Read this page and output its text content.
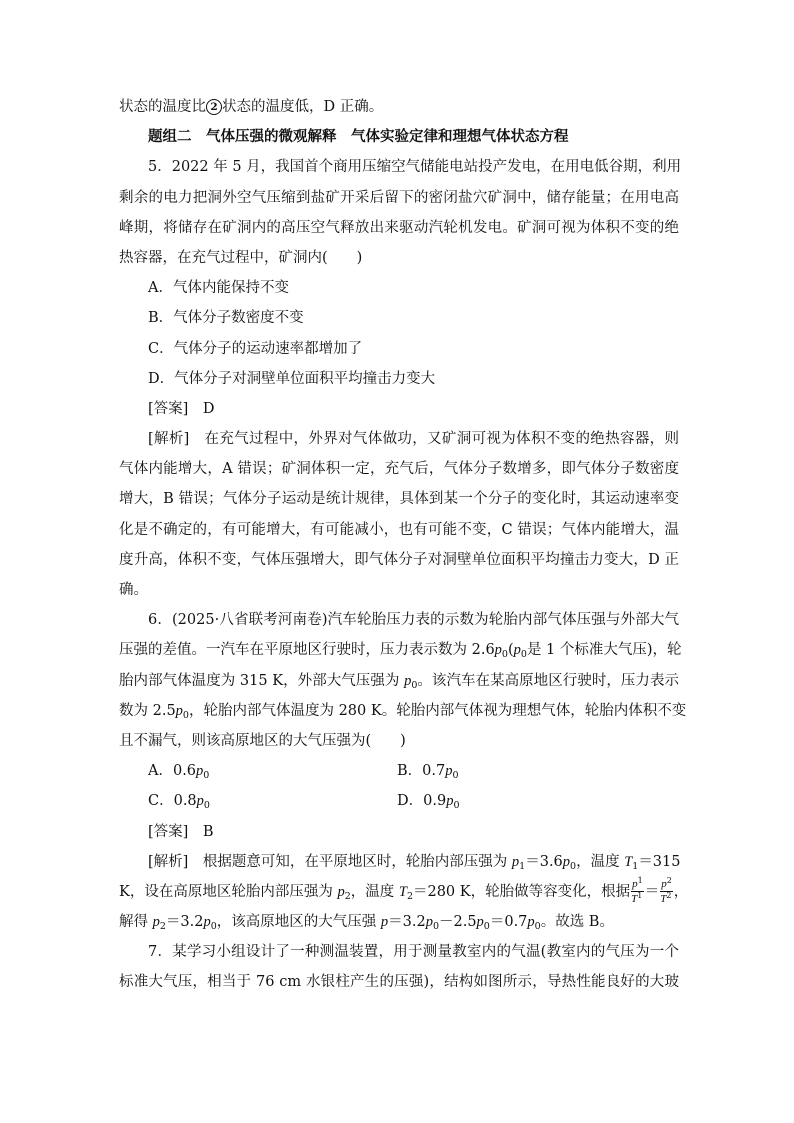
状态的温度比 2 状态的温度低，D 正确。
题组二　气体压强的微观解释　气体实验定律和理想气体状态方程
5．2022 年 5 月，我国首个商用压缩空气储能电站投产发电，在用电低谷期，利用
剩余的电力把洞外空气压缩到盐矿开采后留下的密闭盐穴矿洞中，储存能量；在用电高
峰期，将储存在矿洞内的高压空气释放出来驱动汽轮机发电。矿洞可视为体积不变的绝
热容器，在充气过程中，矿洞内(　　)
A．气体内能保持不变
B．气体分子数密度不变
C．气体分子的运动速率都增加了
D．气体分子对洞壁单位面积平均撞击力变大
[答案]　D
[解析]　在充气过程中，外界对气体做功，又矿洞可视为体积不变的绝热容器，则
气体内能增大，A 错误；矿洞体积一定，充气后，气体分子数增多，即气体分子数密度
增大，B 错误；气体分子运动是统计规律，具体到某一个分子的变化时，其运动速率变
化是不确定的，有可能增大，有可能减小，也有可能不变，C 错误；气体内能增大，温
度升高，体积不变，气体压强增大，即气体分子对洞壁单位面积平均撞击力变大，D 正
确。
6．(2025·八省联考河南卷)汽车轮胎压力表的示数为轮胎内部气体压强与外部大气
压强的差值。一汽车在平原地区行驶时，压力表示数为 $2.6p_0(p_0$是 1 个标准大气压)，轮
胎内部气体温度为 315 K，外部大气压强为 $p_0$。该汽车在某高原地区行驶时，压力表示
数为 $2.5p_0$，轮胎内部气体温度为 280 K。轮胎内部气体视为理想气体，轮胎内体积不变
且不漏气，则该高原地区的大气压强为(　　)
A．$0.6p_0$	B．$0.7p_0$
C．$0.8p_0$	D．$0.9p_0$
[答案]　B
[解析]　根据题意可知，在平原地区时，轮胎内部压强为 $p_1=3.6p_0$，温度 $T_1=315$
K，设在高原地区轮胎内部压强为 $p_2$，温度 $T_2=280$ K，轮胎做等容变化，根据 $\frac{p^1}{T^1} = \frac{p^2}{T^2}$ ，
解得 $p_2=3.2p_0$，该高原地区的大气压强 $p=3.2p_0-2.5p_0=0.7p_0$。故选 B。
7．某学习小组设计了一种测温装置，用于测量教室内的气温(教室内的气压为一个
标准大气压，相当于 76 cm 水银柱产生的压强)，结构如图所示，导热性能良好的大玻
